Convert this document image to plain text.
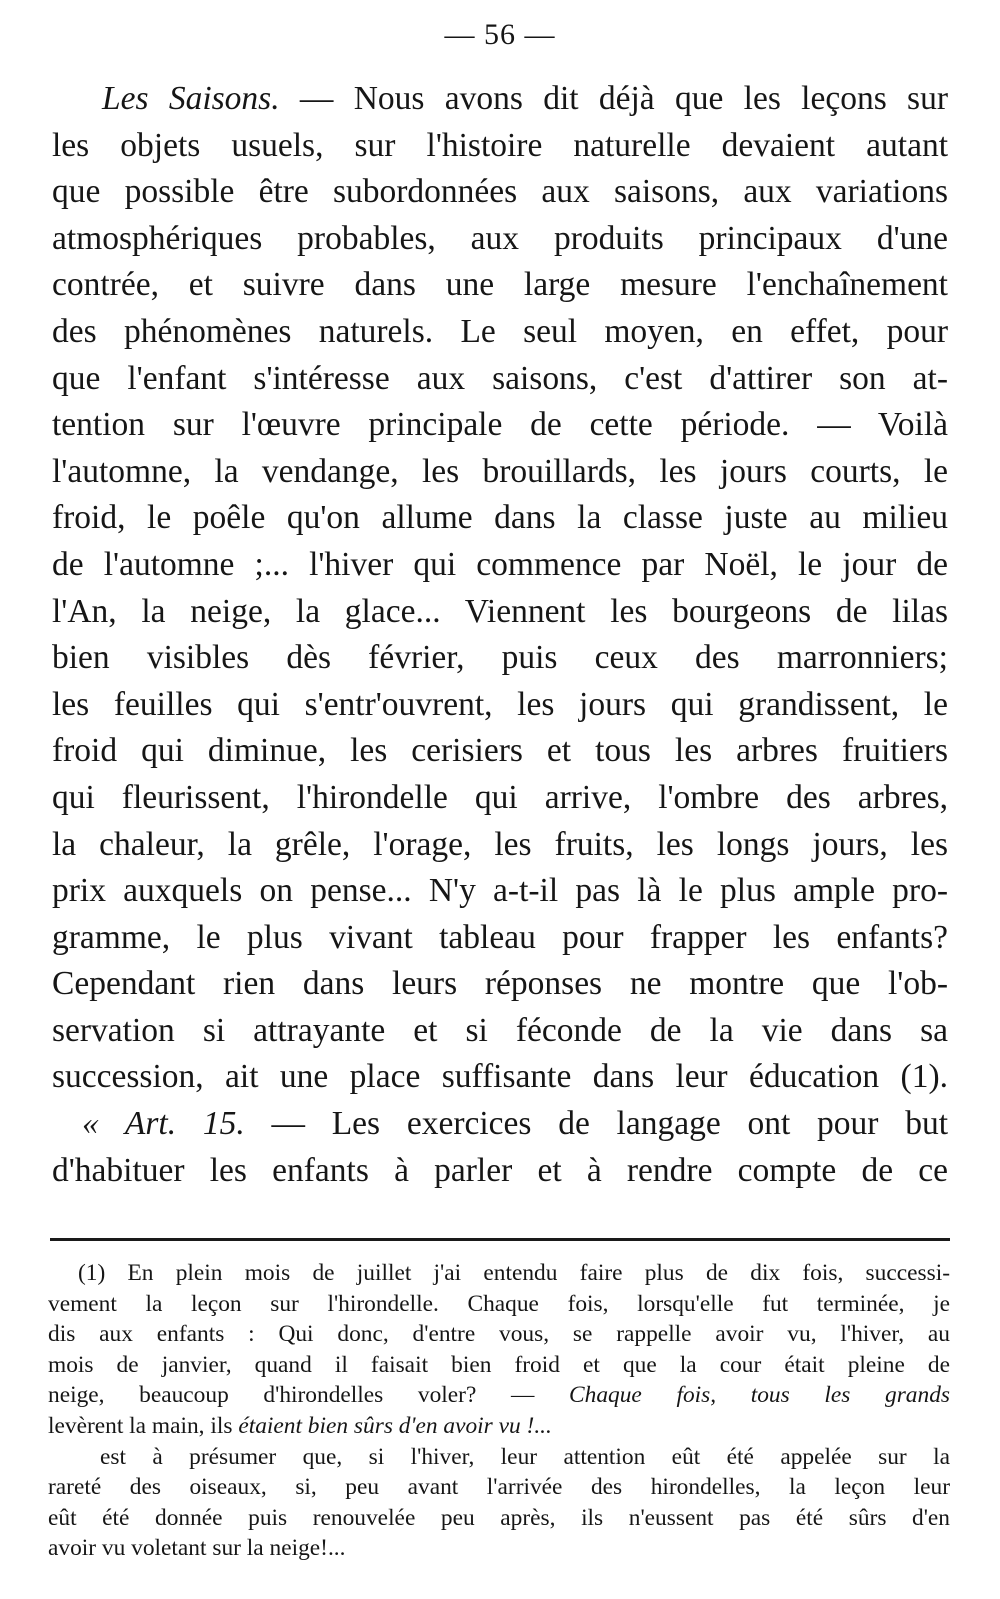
— 56 —
Les Saisons. — Nous avons dit déjà que les leçons sur
les objets usuels, sur l'histoire naturelle devaient autant
que possible être subordonnées aux saisons, aux variations
atmosphériques probables, aux produits principaux d'une
contrée, et suivre dans une large mesure l'enchaînement
des phénomènes naturels. Le seul moyen, en effet, pour
que l'enfant s'intéresse aux saisons, c'est d'attirer son at-
tention sur l'œuvre principale de cette période. — Voilà
l'automne, la vendange, les brouillards, les jours courts, le
froid, le poêle qu'on allume dans la classe juste au milieu
de l'automne ;... l'hiver qui commence par Noël, le jour de
l'An, la neige, la glace... Viennent les bourgeons de lilas
bien visibles dès février, puis ceux des marronniers;
les feuilles qui s'entr'ouvrent, les jours qui grandissent, le
froid qui diminue, les cerisiers et tous les arbres fruitiers
qui fleurissent, l'hirondelle qui arrive, l'ombre des arbres,
la chaleur, la grêle, l'orage, les fruits, les longs jours, les
prix auxquels on pense... N'y a-t-il pas là le plus ample pro-
gramme, le plus vivant tableau pour frapper les enfants?
Cependant rien dans leurs réponses ne montre que l'ob-
servation si attrayante et si féconde de la vie dans sa
succession, ait une place suffisante dans leur éducation (1).
« Art. 15. — Les exercices de langage ont pour but
d'habituer les enfants à parler et à rendre compte de ce
(1) En plein mois de juillet j'ai entendu faire plus de dix fois, successi-
vement la leçon sur l'hirondelle. Chaque fois, lorsqu'elle fut terminée, je
dis aux enfants : Qui donc, d'entre vous, se rappelle avoir vu, l'hiver, au
mois de janvier, quand il faisait bien froid et que la cour était pleine de
neige, beaucoup d'hirondelles voler? — Chaque fois, tous les grands
levèrent la main, ils étaient bien sûrs d'en avoir vu !...
est à présumer que, si l'hiver, leur attention eût été appelée sur la
rareté des oiseaux, si, peu avant l'arrivée des hirondelles, la leçon leur
eût été donnée puis renouvelée peu après, ils n'eussent pas été sûrs d'en
avoir vu voletant sur la neige!...
